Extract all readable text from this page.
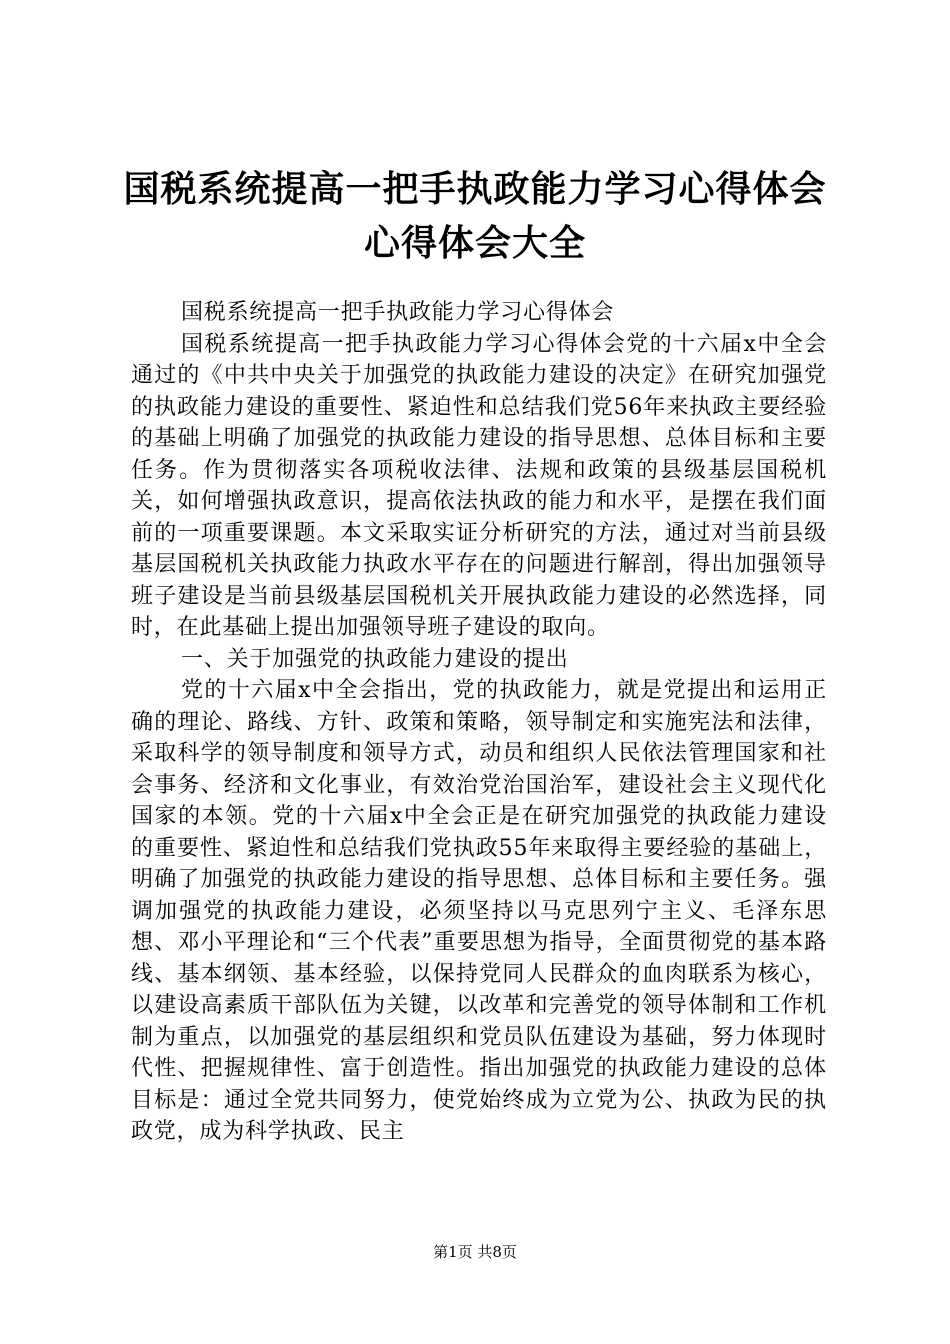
国税系统提高一把手执政能力学习心得体会心得体会大全

国税系统提高一把手执政能力学习心得体会

国税系统提高一把手执政能力学习心得体会党的十六届x中全会通过的《中共中央关于加强党的执政能力建设的决定》在研究加强党的执政能力建设的重要性、紧迫性和总结我们党56年来执政主要经验的基础上明确了加强党的执政能力建设的指导思想、总体目标和主要任务。作为贯彻落实各项税收法律、法规和政策的县级基层国税机关，如何增强执政意识，提高依法执政的能力和水平，是摆在我们面前的一项重要课题。本文采取实证分析研究的方法，通过对当前县级基层国税机关执政能力执政水平存在的问题进行解剖，得出加强领导班子建设是当前县级基层国税机关开展执政能力建设的必然选择，同时，在此基础上提出加强领导班子建设的取向。

一、关于加强党的执政能力建设的提出

党的十六届x中全会指出，党的执政能力，就是党提出和运用正确的理论、路线、方针、政策和策略，领导制定和实施宪法和法律，采取科学的领导制度和领导方式，动员和组织人民依法管理国家和社会事务、经济和文化事业，有效治党治国治军，建设社会主义现代化国家的本领。党的十六届x中全会正是在研究加强党的执政能力建设的重要性、紧迫性和总结我们党执政55年来取得主要经验的基础上，明确了加强党的执政能力建设的指导思想、总体目标和主要任务。强调加强党的执政能力建设，必须坚持以马克思列宁主义、毛泽东思想、邓小平理论和“三个代表”重要思想为指导，全面贯彻党的基本路线、基本纲领、基本经验，以保持党同人民群众的血肉联系为核心，以建设高素质干部队伍为关键，以改革和完善党的领导体制和工作机制为重点，以加强党的基层组织和党员队伍建设为基础，努力体现时代性、把握规律性、富于创造性。指出加强党的执政能力建设的总体目标是：通过全党共同努力，使党始终成为立党为公、执政为民的执政党，成为科学执政、民主

第1页 共8页
